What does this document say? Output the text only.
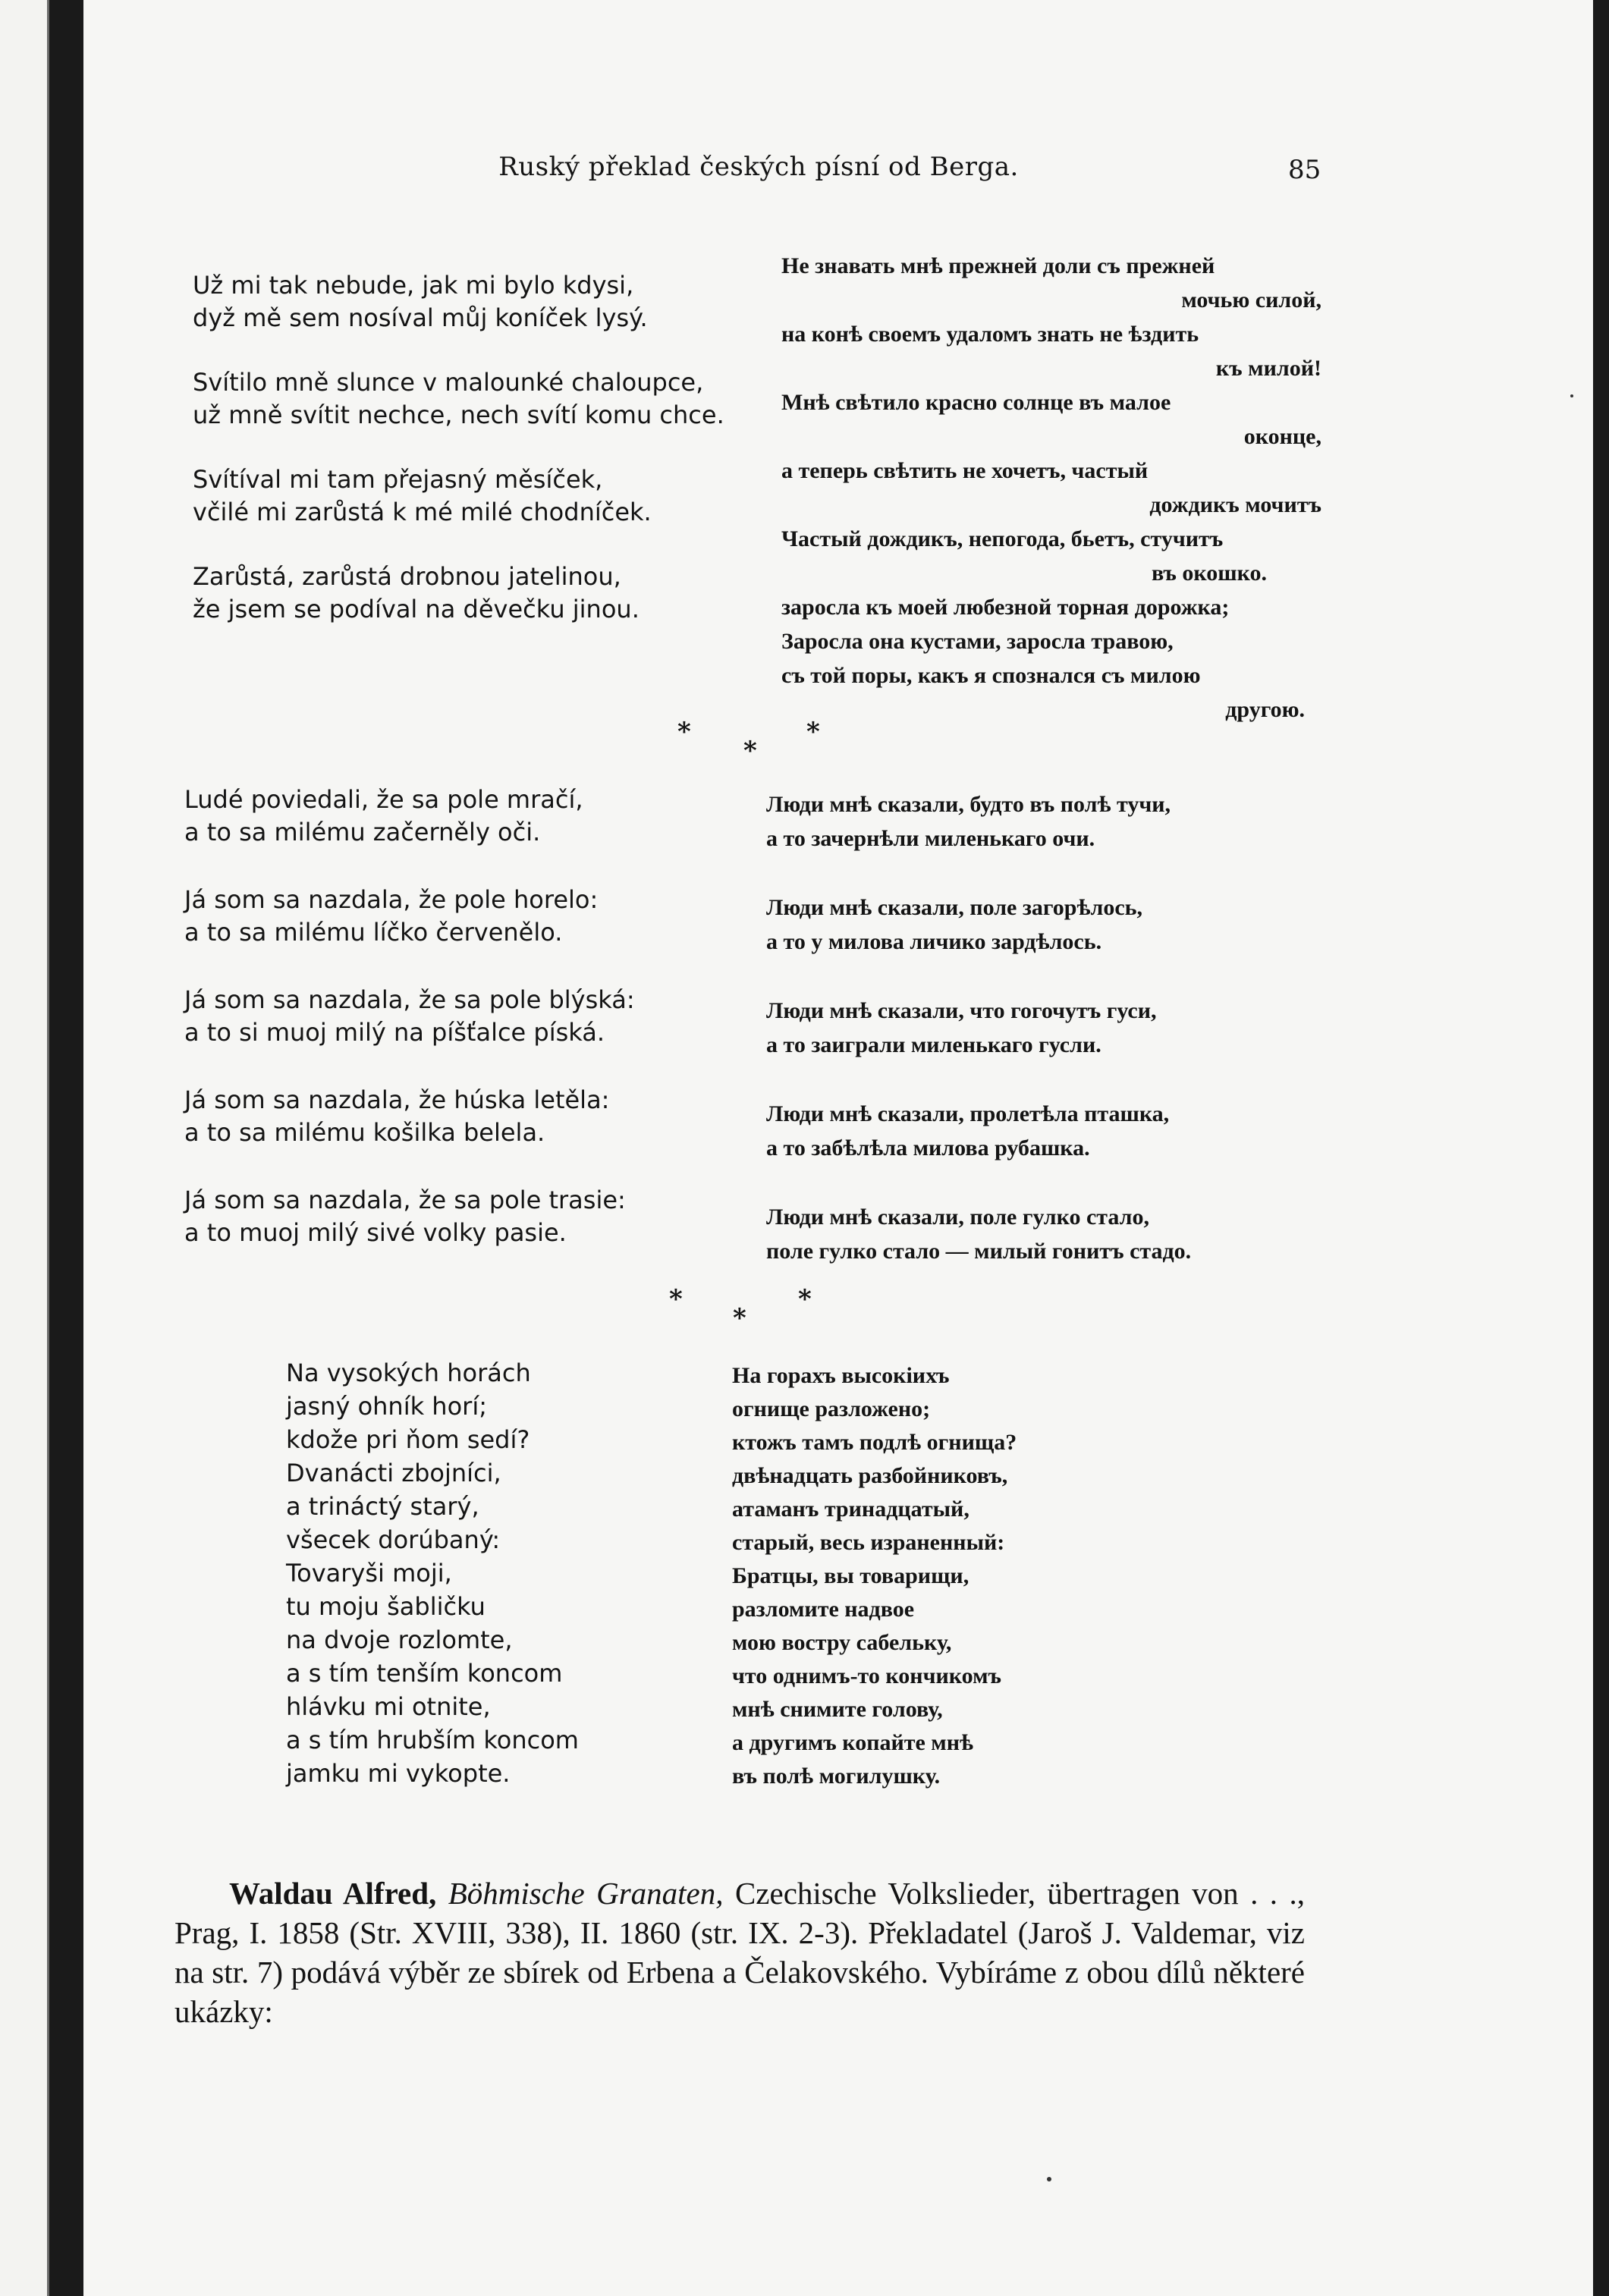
Ruský překlad českých písní od Berga.	85
Už mi tak nebude, jak mi bylo kdysi,
dyž mě sem nosíval můj koníček lysý.
Svítilo mně slunce v malounké chaloupce,
už mně svítit nechce, nech svítí komu chce.
Svítíval mi tam přejasný měsíček,
včilé mi zarůstá k mé milé chodníček.
Zarůstá, zarůstá drobnou jatelinou,
že jsem se podíval na děvečku jinou.
Не знавать мнѣ прежней доли съ прежней
мочью силой,
на конѣ своемъ удаломъ знать не ѣздить
къ милой!
Мнѣ свѣтило красно солнце въ малое
оконце,
а теперь свѣтить не хочетъ, частый
дождикъ мочитъ
Частый дождикъ, непогода, бьетъ, стучитъ
въ окошко.
заросла къ моей любезной торная дорожка;
Заросла она кустами, заросла травою,
съ той поры, какъ я спознался съ милою
другою.
*
*
*
Ludé poviedali, že sa pole mračí,
a to sa milému začerněly oči.
Já som sa nazdala, že pole horelo:
a to sa milému líčko červenělo.
Já som sa nazdala, že sa pole blýská:
a to si muoj milý na píšťalce píská.
Já som sa nazdala, že húska letěla:
a to sa milému košilka belela.
Já som sa nazdala, že sa pole trasie:
a to muoj milý sivé volky pasie.
Люди мнѣ сказали, будто въ полѣ тучи,
а то зачернѣли миленькаго очи.
Люди мнѣ сказали, поле загорѣлось,
а то у милова личико зардѣлось.
Люди мнѣ сказали, что гогочутъ гуси,
а то заиграли миленькаго гусли.
Люди мнѣ сказали, пролетѣла пташка,
а то забѣлѣла милова рубашка.
Люди мнѣ сказали, поле гулко стало,
поле гулко стало — милый гонитъ стадо.
*
*
*
Na vysokých horách
jasný ohník horí;
kdože pri ňom sedí?
Dvanácti zbojníci,
a trináctý starý,
všecek dorúbaný:
Tovaryši moji,
tu moju šabličku
na dvoje rozlomte,
a s tím tenším koncom
hlávku mi otnite,
a s tím hrubším koncom
jamku mi vykopte.
На горахъ высокіихъ
огнище разложено;
ктожъ тамъ подлѣ огнища?
двѣнадцать разбойниковъ,
атаманъ тринадцатый,
старый, весь израненный:
Братцы, вы товарищи,
разломите надвое
мою востру сабельку,
что однимъ-то кончикомъ
мнѣ снимите голову,
а другимъ копайте мнѣ
въ полѣ могилушку.
Waldau Alfred, Böhmische Granaten, Czechische Volkslieder, übertragen von . . ., Prag, I. 1858 (Str. XVIII, 338), II. 1860 (str. IX. 2-3). Překladatel (Jaroš J. Valdemar, viz na str. 7) podává výběr ze sbírek od Erbena a Čelakovského. Vybíráme z obou dílů některé ukázky:
